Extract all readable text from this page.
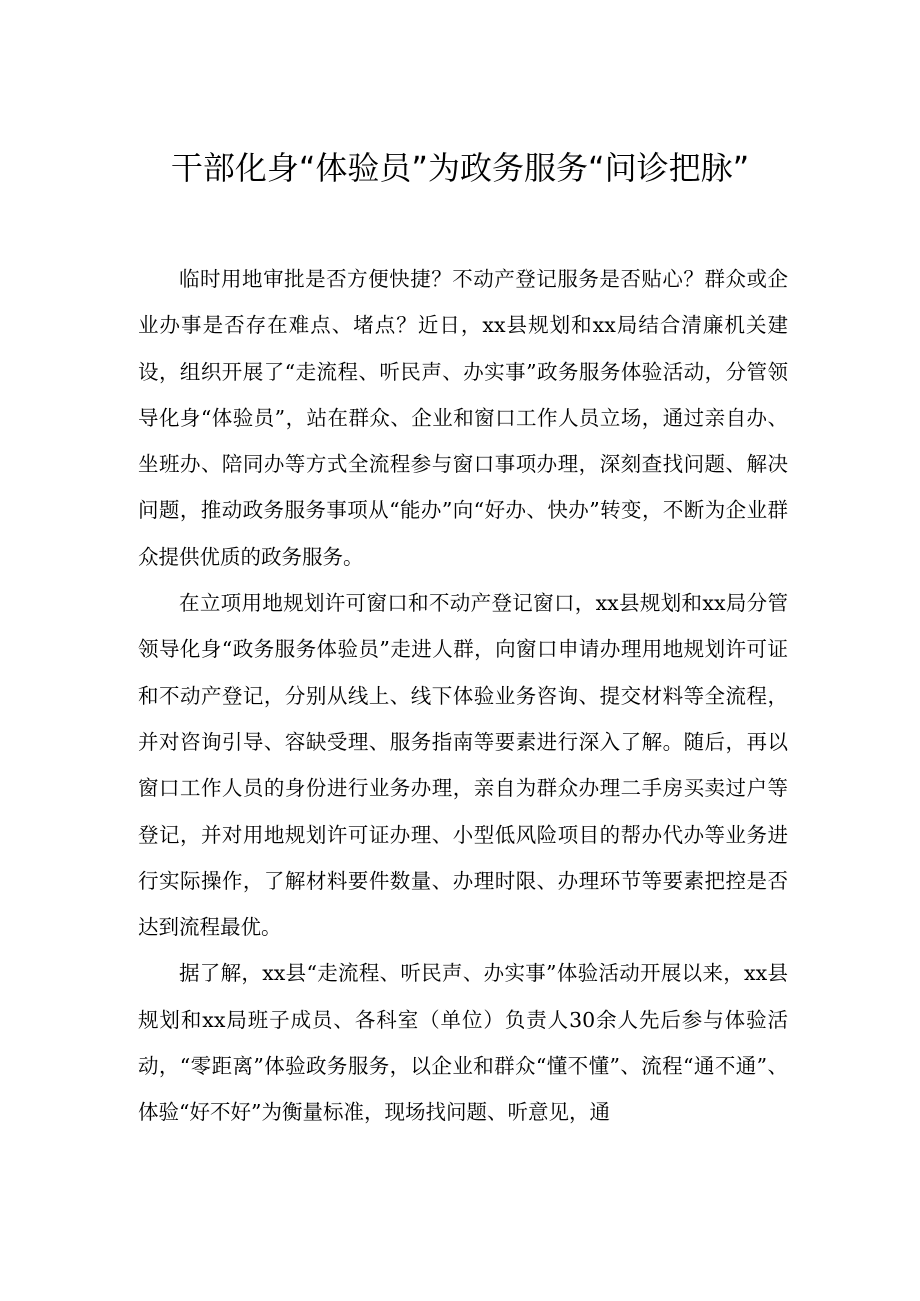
干部化身“体验员”为政务服务“问诊把脉”

临时用地审批是否方便快捷？不动产登记服务是否贴心？群众或企业办事是否存在难点、堵点？近日，xx县规划和xx局结合清廉机关建设，组织开展了“走流程、听民声、办实事”政务服务体验活动，分管领导化身“体验员”，站在群众、企业和窗口工作人员立场，通过亲自办、坐班办、陪同办等方式全流程参与窗口事项办理，深刻查找问题、解决问题，推动政务服务事项从“能办”向“好办、快办”转变，不断为企业群众提供优质的政务服务。

在立项用地规划许可窗口和不动产登记窗口，xx县规划和xx局分管领导化身“政务服务体验员”走进人群，向窗口申请办理用地规划许可证和不动产登记，分别从线上、线下体验业务咨询、提交材料等全流程，并对咨询引导、容缺受理、服务指南等要素进行深入了解。随后，再以窗口工作人员的身份进行业务办理，亲自为群众办理二手房买卖过户等登记，并对用地规划许可证办理、小型低风险项目的帮办代办等业务进行实际操作，了解材料要件数量、办理时限、办理环节等要素把控是否达到流程最优。

据了解，xx县“走流程、听民声、办实事”体验活动开展以来，xx县规划和xx局班子成员、各科室（单位）负责人30余人先后参与体验活动，“零距离”体验政务服务，以企业和群众“懂不懂”、流程“通不通”、体验“好不好”为衡量标准，现场找问题、听意见，通
